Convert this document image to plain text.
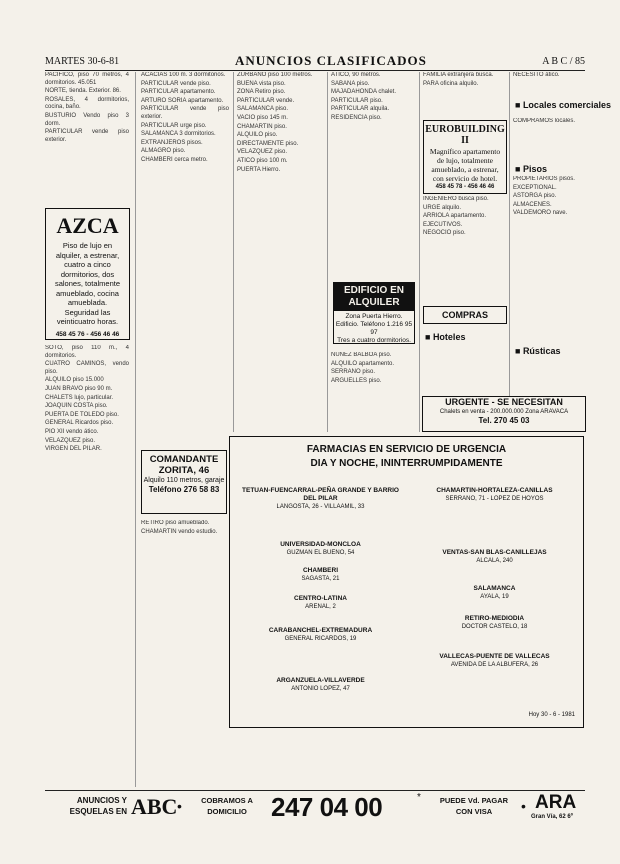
MARTES 30-6-81	ANUNCIOS CLASIFICADOS	A B C / 85

PACIFICO, piso 70 metros, 4 dormitorios. 45.051

NORTE, tienda. Exterior. 86.

ROSALES, 4 dormitorios, cocina, baño.

BUSTURIO Vendo piso 3 dorm.

PARTICULAR vende piso exterior.

AZCA
Piso de lujo en alquiler, a estrenar, cuatro a cinco dormitorios, dos salones, totalmente amueblado, cocina amueblada. Seguridad las veinticuatro horas.
458 45 76 - 456 46 46

SOTO, piso 110 m., 4 dormitorios.

CUATRO CAMINOS, vendo piso.

ALQUILO piso 15.000

JUAN BRAVO piso 90 m.

CHALETS lujo, particular.

JOAQUIN COSTA piso.

PUERTA DE TOLEDO piso.

GENERAL Ricardos piso.

PIO XII vendo ático.

VELAZQUEZ piso.

VIRGEN DEL PILAR.

ACACIAS 100 m. 3 dormitorios.

PARTICULAR vende piso.

PARTICULAR apartamento.

ARTURO SORIA apartamento.

PARTICULAR vende piso exterior.

PARTICULAR urge piso.

SALAMANCA 3 dormitorios.

EXTRANJEROS pisos.

ALMAGRO piso.

CHAMBERI cerca metro.

COMANDANTE ZORITA, 46
Alquilo 110 metros, garaje
Teléfono 276 58 83

RETIRO piso amueblado.

CHAMARTIN vendo estudio.

ZURBANO piso 100 metros.

BUENA vista piso.

ZONA Retiro piso.

PARTICULAR vende.

SALAMANCA piso.

VACIO piso 145 m.

CHAMARTIN piso.

ALQUILO piso.

DIRECTAMENTE piso.

VELAZQUEZ piso.

ATICO piso 100 m.

PUERTA Hierro.

ATICO, 90 metros.

SABANA piso.

MAJADAHONDA chalet.

PARTICULAR piso.

PARTICULAR alquila.

RESIDENCIA piso.

EDIFICIO EN ALQUILER
Zona Puerta Hierro. Edificio. Teléfono 1.216 95 97
Tres a cuatro dormitorios.

NUÑEZ BALBOA piso.

ALQUILO apartamento.

SERRANO piso.

ARGUELLES piso.

FAMILIA extranjera busca.

PARA oficina alquilo.

EUROBUILDING II
Magnífico apartamento de lujo, totalmente amueblado, a estrenar, con servicio de hotel.
458 45 78 - 456 46 46

INGENIERO busca piso.

URGE alquilo.

ARRIOLA apartamento.

EJECUTIVOS.

NEGOCIO piso.

COMPRAS
■ Hoteles

NECESITO ático.

■ Locales comerciales

COMPRAMOS locales.

■ Pisos

PROPIETARIOS pisos.

EXCEPTIONAL.

ASTORGA piso.

ALMACENES.

VALDEMORO nave.

■ Rústicas
URGENTE - SE NECESITAN
Chalets en venta - 200.000.000 Zona ARAVACA
Tel. 270 45 03
FARMACIAS EN SERVICIO DE URGENCIA
DIA Y NOCHE, ININTERRUMPIDAMENTE
TETUAN-FUENCARRAL-PEÑA GRANDE Y BARRIO DEL PILAR
LANGOSTA, 26 - VILLAAMIL, 33
CHAMARTIN-HORTALEZA-CANILLAS
SERRANO, 71 - LOPEZ DE HOYOS
UNIVERSIDAD-MONCLOA
GUZMAN EL BUENO, 54
CHAMBERI
SAGASTA, 21
VENTAS-SAN BLAS-CANILLEJAS
ALCALA, 240
CENTRO-LATINA
ARENAL, 2
SALAMANCA
AYALA, 19
CARABANCHEL-EXTREMADURA
GENERAL RICARDOS, 19
RETIRO-MEDIODIA
DOCTOR CASTELO, 18
ARGANZUELA-VILLAVERDE
ANTONIO LOPEZ, 47
VALLECAS-PUENTE DE VALLECAS
AVENIDA DE LA ALBUFERA, 26
Hoy 30 - 6 - 1981
ANUNCIOS Y
ESQUELAS EN ABC •	COBRAMOS A
DOMICILIO 247 04 00	*	PUEDE Vd. PAGAR
CON VISA	• ARA
Gran Vía, 62 6º
